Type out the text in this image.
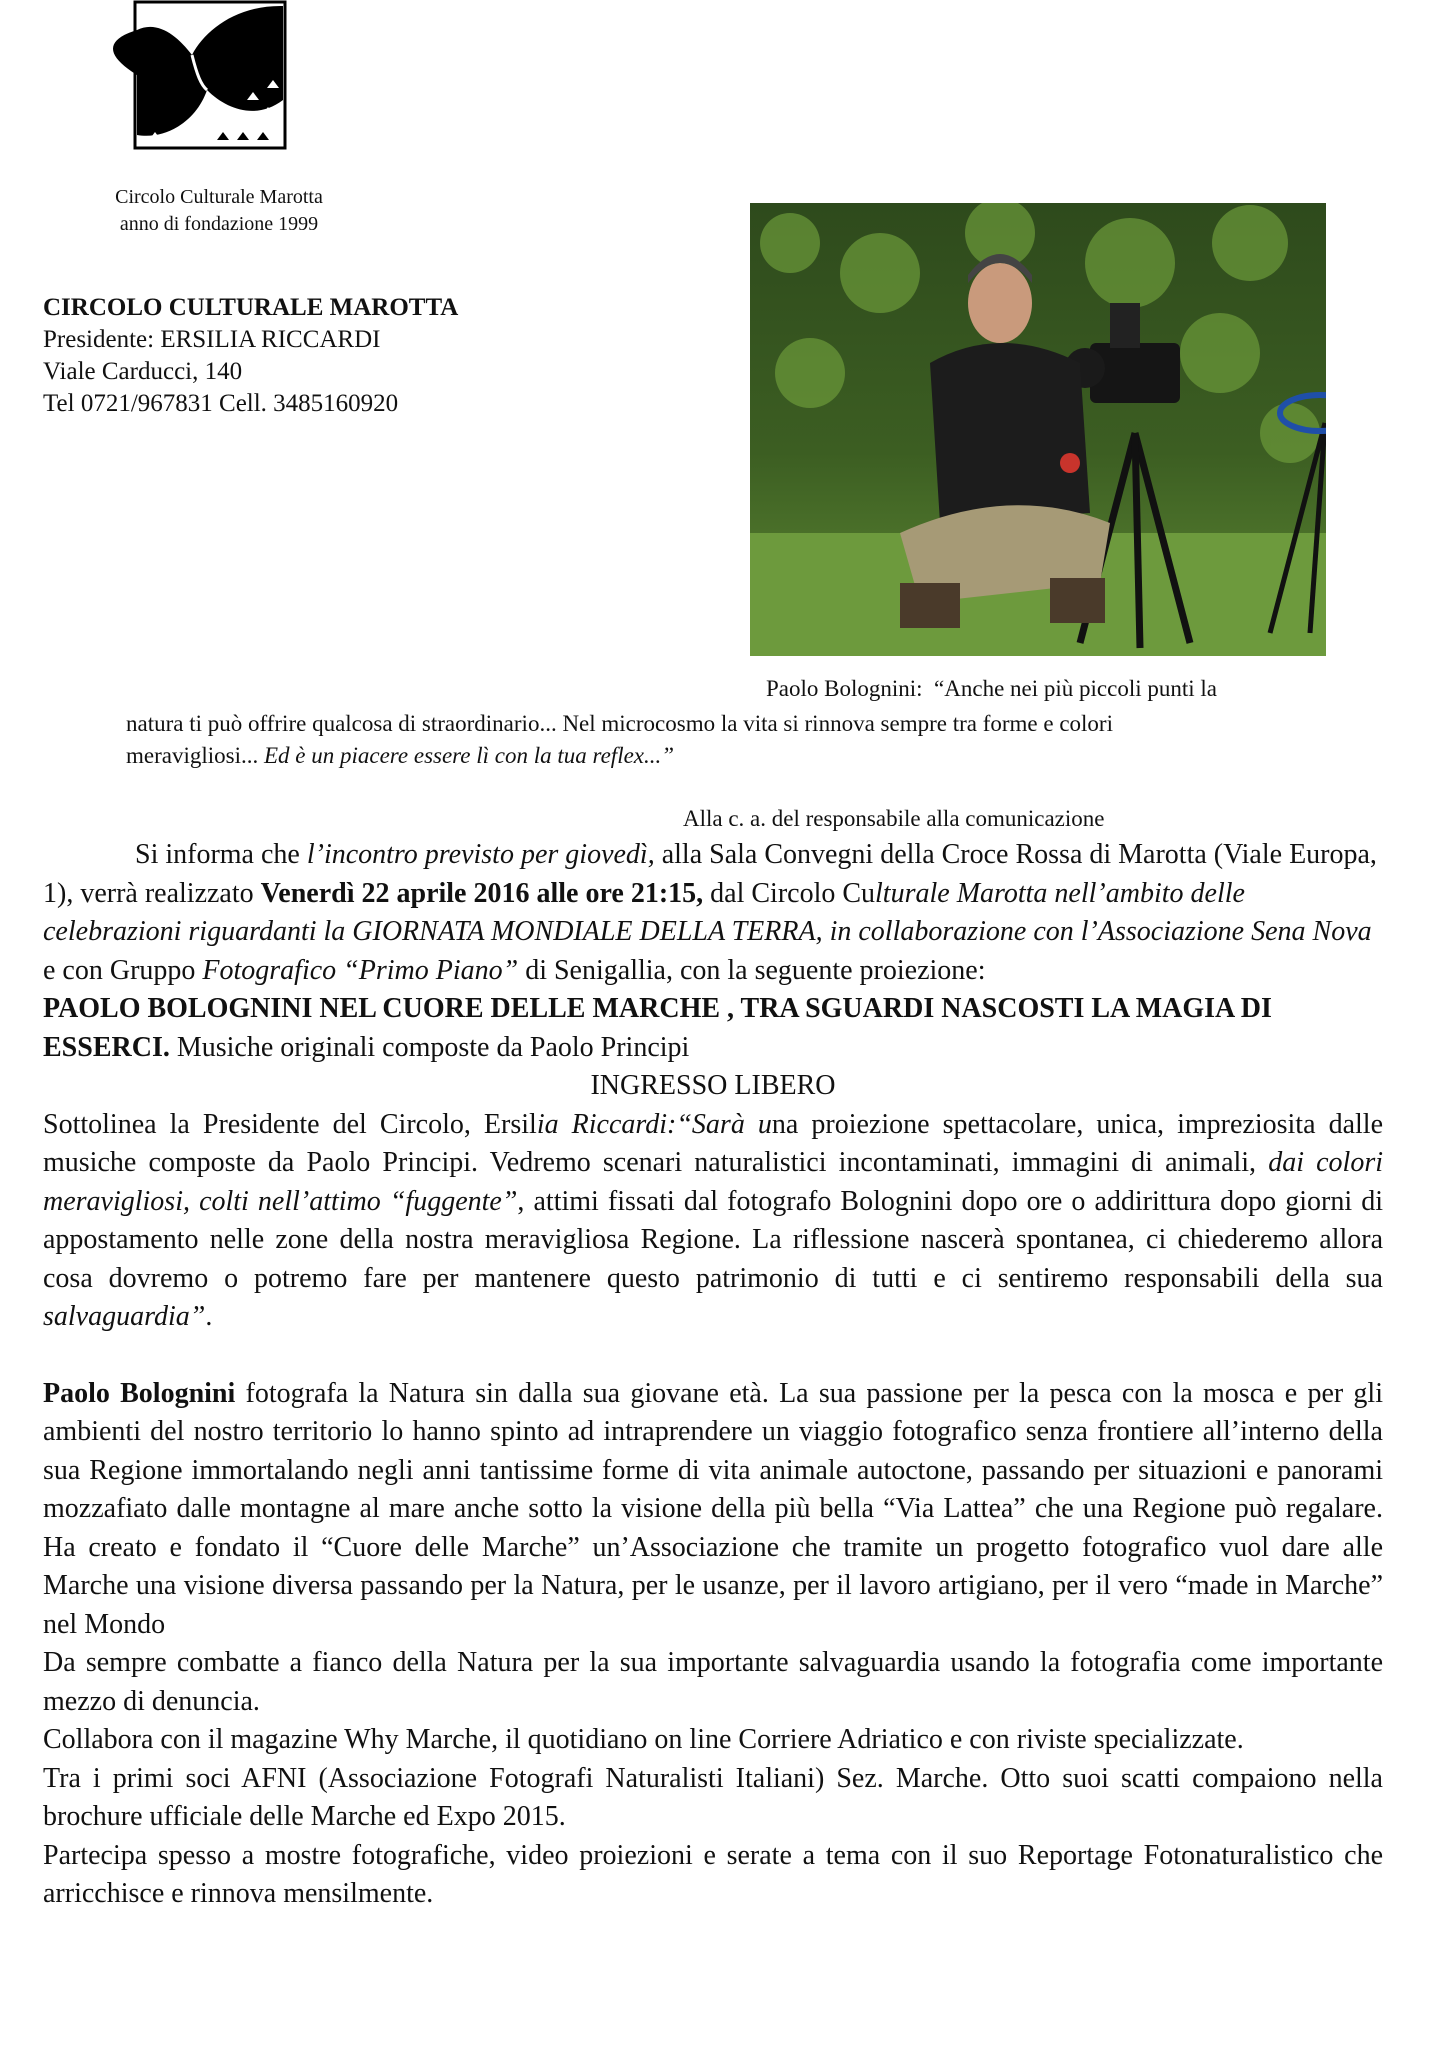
Circolo Culturale Marotta
anno di fondazione 1999
CIRCOLO CULTURALE MAROTTA
Presidente: ERSILIA RICCARDI
Viale Carducci, 140
Tel 0721/967831 Cell. 3485160920
Paolo Bolognini: “Anche nei più piccoli punti la
natura ti può offrire qualcosa di straordinario... Nel microcosmo la vita si rinnova sempre tra forme e colori
meravigliosi... Ed è un piacere essere lì con la tua reflex...”
Alla c. a. del responsabile alla comunicazione

Si informa che l’incontro previsto per giovedì, alla Sala Convegni della Croce Rossa di Marotta (Viale Europa, 1), verrà realizzato Venerdì 22 aprile 2016 alle ore 21:15, dal Circolo Culturale Marotta nell’ambito delle celebrazioni riguardanti la GIORNATA MONDIALE DELLA TERRA, in collaborazione con l’Associazione Sena Nova e con Gruppo Fotografico “Primo Piano” di Senigallia, con la seguente proiezione:

PAOLO BOLOGNINI NEL CUORE DELLE MARCHE , TRA SGUARDI NASCOSTI LA MAGIA DI ESSERCI. Musiche originali composte da Paolo Principi

INGRESSO LIBERO

Sottolinea la Presidente del Circolo, Ersilia Riccardi:“Sarà una proiezione spettacolare, unica, impreziosita dalle musiche composte da Paolo Principi. Vedremo scenari naturalistici incontaminati, immagini di animali, dai colori meravigliosi, colti nell’attimo “fuggente”, attimi fissati dal fotografo Bolognini dopo ore o addirittura dopo giorni di appostamento nelle zone della nostra meravigliosa Regione. La riflessione nascerà spontanea, ci chiederemo allora cosa dovremo o potremo fare per mantenere questo patrimonio di tutti e ci sentiremo responsabili della sua salvaguardia”.

Paolo Bolognini fotografa la Natura sin dalla sua giovane età. La sua passione per la pesca con la mosca e per gli ambienti del nostro territorio lo hanno spinto ad intraprendere un viaggio fotografico senza frontiere all’interno della sua Regione immortalando negli anni tantissime forme di vita animale autoctone, passando per situazioni e panorami mozzafiato dalle montagne al mare anche sotto la visione della più bella “Via Lattea” che una Regione può regalare. Ha creato e fondato il “Cuore delle Marche” un’Associazione che tramite un progetto fotografico vuol dare alle Marche una visione diversa passando per la Natura, per le usanze, per il lavoro artigiano, per il vero “made in Marche” nel Mondo

Da sempre combatte a fianco della Natura per la sua importante salvaguardia usando la fotografia come importante mezzo di denuncia.

Collabora con il magazine Why Marche, il quotidiano on line Corriere Adriatico e con riviste specializzate.

Tra i primi soci AFNI (Associazione Fotografi Naturalisti Italiani) Sez. Marche. Otto suoi scatti compaiono nella brochure ufficiale delle Marche ed Expo 2015.

Partecipa spesso a mostre fotografiche, video proiezioni e serate a tema con il suo Reportage Fotonaturalistico che arricchisce e rinnova mensilmente.
